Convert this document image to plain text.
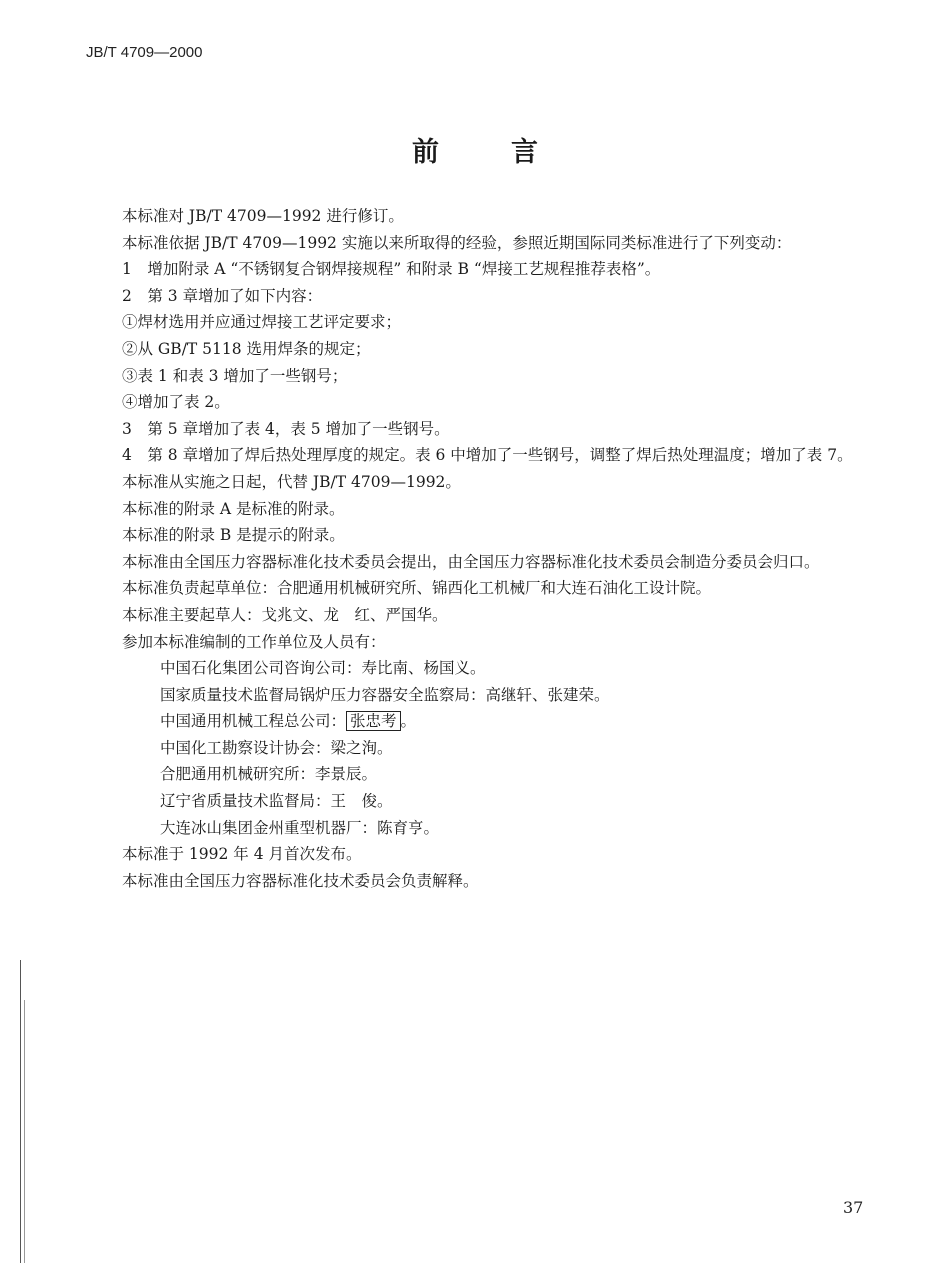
JB/T 4709—2000
前言

本标准对 JB/T 4709—1992 进行修订。

本标准依据 JB/T 4709—1992 实施以来所取得的经验，参照近期国际同类标准进行了下列变动：

1　增加附录 A “不锈钢复合钢焊接规程” 和附录 B “焊接工艺规程推荐表格”。

2　第 3 章增加了如下内容：

①焊材选用并应通过焊接工艺评定要求；

②从 GB/T 5118 选用焊条的规定；

③表 1 和表 3 增加了一些钢号；

④增加了表 2。

3　第 5 章增加了表 4，表 5 增加了一些钢号。

4　第 8 章增加了焊后热处理厚度的规定。表 6 中增加了一些钢号，调整了焊后热处理温度；增加了表 7。

本标准从实施之日起，代替 JB/T 4709—1992。

本标准的附录 A 是标准的附录。

本标准的附录 B 是提示的附录。

本标准由全国压力容器标准化技术委员会提出，由全国压力容器标准化技术委员会制造分委员会归口。

本标准负责起草单位：合肥通用机械研究所、锦西化工机械厂和大连石油化工设计院。

本标准主要起草人：戈兆文、龙　红、严国华。

参加本标准编制的工作单位及人员有：

中国石化集团公司咨询公司：寿比南、杨国义。

国家质量技术监督局锅炉压力容器安全监察局：高继轩、张建荣。

中国通用机械工程总公司： 张忠考 。

中国化工勘察设计协会：梁之洵。

合肥通用机械研究所：李景辰。

辽宁省质量技术监督局：王　俊。

大连冰山集团金州重型机器厂：陈育亨。

本标准于 1992 年 4 月首次发布。

本标准由全国压力容器标准化技术委员会负责解释。

37
